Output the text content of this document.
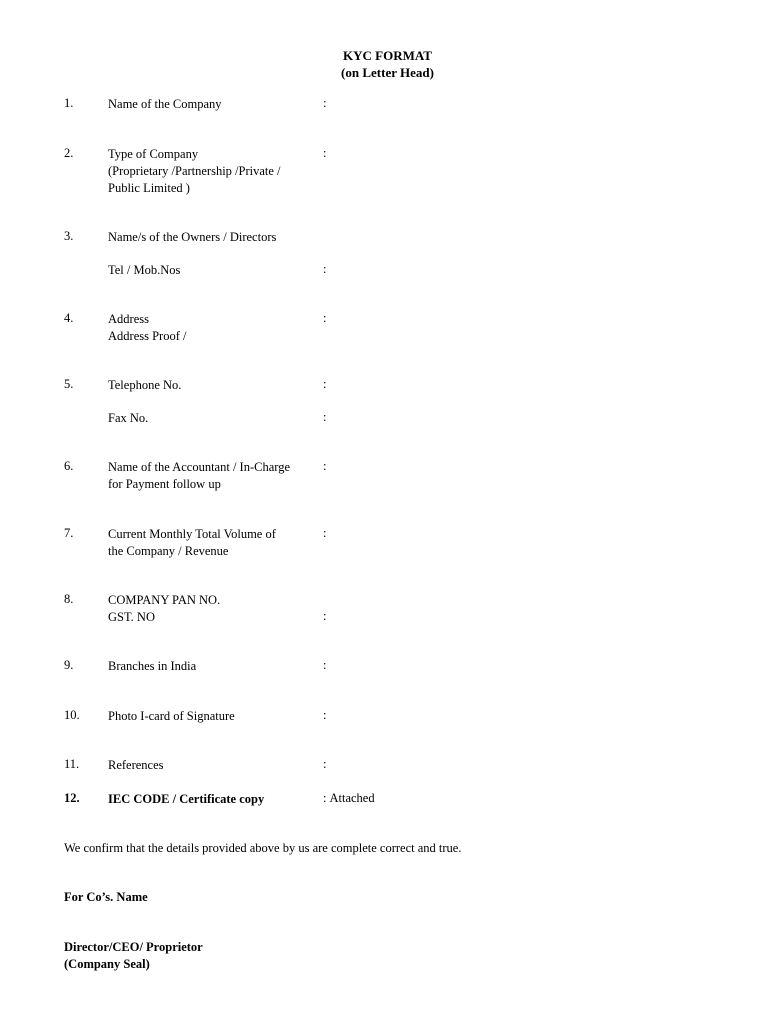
KYC FORMAT
(on Letter Head)
1.	Name of the Company	:
2.	Type of Company
(Proprietary /Partnership /Private /
Public Limited )
:
3.	Name/s of the Owners / Directors
Tel / Mob.Nos	:
4.	Address
Address Proof /
:
5.	Telephone No.	:
Fax No.	:
6.	Name of the Accountant / In-Charge
for Payment follow up
:
7.	Current Monthly Total Volume of
the Company / Revenue
:
8.	COMPANY PAN NO.
GST. NO	:
9.	Branches in India	:
10. Photo I-card of Signature	:
11. References	:
12. IEC CODE / Certificate copy	: Attached
We confirm that the details provided above by us are complete correct and true.
For Co’s. Name
Director/CEO/ Proprietor
(Company Seal)
